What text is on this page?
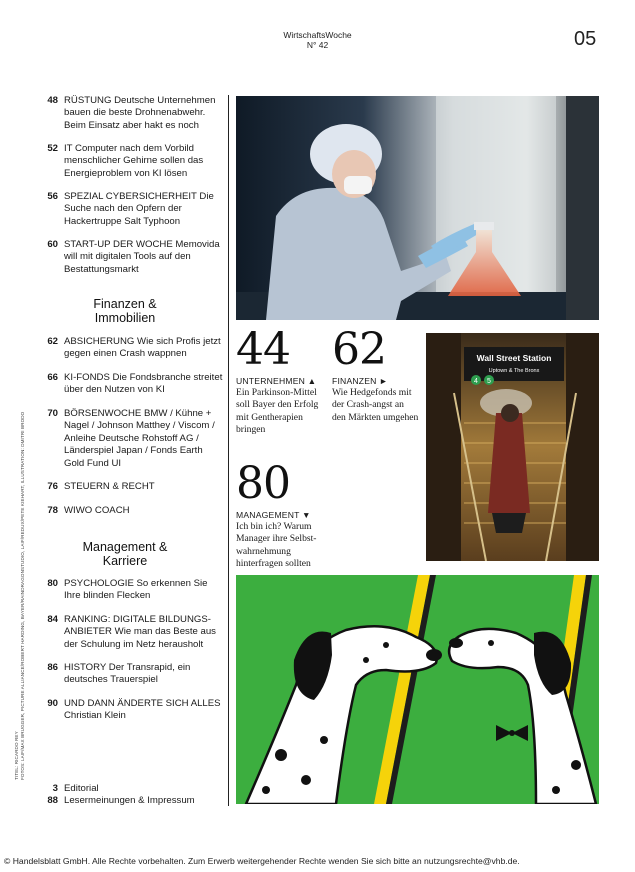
WirtschaftsWoche
N° 42	05
48 RÜSTUNG Deutsche Unternehmen bauen die beste Drohnenabwehr. Beim Einsatz aber hakt es noch
52 IT Computer nach dem Vorbild menschlicher Gehirne sollen das Energieproblem von KI lösen
56 SPEZIAL CYBERSICHERHEIT Die Suche nach den Opfern der Hackertruppe Salt Typhoon
60 START-UP DER WOCHE Memovida will mit digitalen Tools auf den Bestattungsmarkt
Finanzen &
Immobilien
62 ABSICHERUNG Wie sich Profis jetzt gegen einen Crash wappnen
66 KI-FONDS Die Fondsbranche streitet über den Nutzen von KI
70 BÖRSENWOCHE BMW / Kühne + Nagel / Johnson Matthey / Viscom / Anleihe Deutsche Rohstoff AG / Länderspiel Japan / Fonds Earth Gold Fund UI
76 STEUERN & RECHT
78 WIWO COACH
Management &
Karriere
80 PSYCHOLOGIE So erkennen Sie Ihre blinden Flecken
84 RANKING: DIGITALE BILDUNGS-ANBIETER Wie man das Beste aus der Schulung im Netz herausholt
86 HISTORY Der Transrapid, ein deutsches Trauerspiel
90 UND DANN ÄNDERTE SICH ALLES Christian Klein
3 Editorial
88 Lesermeinungen & Impressum
TITEL: RICARDO REY FOTOS: LAIF/MAX BRUGGER, PICTURE ALLIANCE/ROBERT HARDING, BAYER/RAINDRAGONSTUDIO, LAIF/REDUX/PETE KIEHART, ILLUSTRATION: DMITRI BRODO
Wall Street Station
Uptown & The Bronx
4 5
44
UNTERNEHMEN ▲
Ein Parkinson-Mittel soll Bayer den Erfolg mit Gentherapien bringen
62
FINANZEN ►
Wie Hedgefonds mit der Crash-angst an den Märkten umgehen
80
MANAGEMENT ▼
Ich bin ich? Warum Manager ihre Selbst-wahrnehmung hinterfragen sollten
© Handelsblatt GmbH. Alle Rechte vorbehalten. Zum Erwerb weitergehender Rechte wenden Sie sich bitte an nutzungsrechte@vhb.de.
